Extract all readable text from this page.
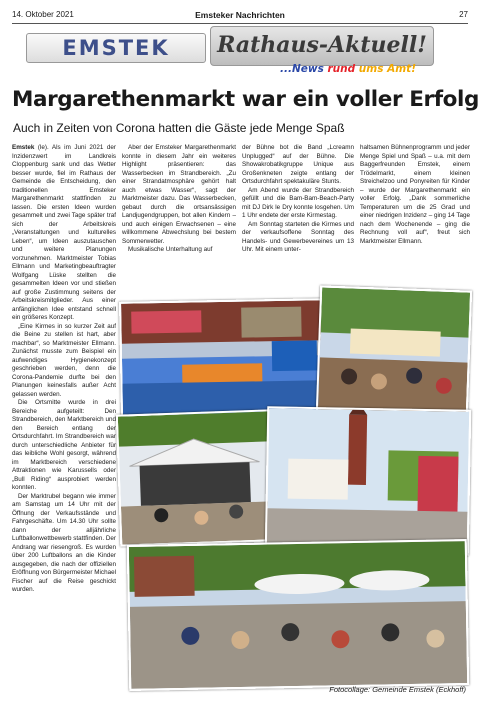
14. Oktober 2021	Emsteker Nachrichten	27
EMSTEK	Rathaus-Aktuell!
...News rund ums Amt!
Margarethenmarkt war ein voller Erfolg
Auch in Zeiten von Corona hatten die Gäste jede Menge Spaß

Emstek (le). Als im Juni 2021 der Inzidenzwert im Landkreis Cloppenburg sank und das Wetter besser wurde, fiel im Rathaus der Gemeinde die Entscheidung, den traditionellen Emsteker Margarethenmarkt stattfinden zu lassen. Die ersten Ideen wurden gesammelt und zwei Tage später traf sich der Arbeitskreis „Veranstaltungen und kulturelles Leben“, um Ideen auszutauschen und weitere Planungen vorzunehmen. Marktmeister Tobias Ellmann und Marketingbeauftragter Wolfgang Lüske stellten die gesammelten Ideen vor und stießen auf große Zustimmung seitens der Arbeitskreismitglieder. Aus einer anfänglichen Idee entstand schnell ein größeres Konzept.

„Eine Kirmes in so kurzer Zeit auf die Beine zu stellen ist hart, aber machbar“, so Marktmeister Ellmann. Zunächst musste zum Beispiel ein aufwendiges Hygienekonzept geschrieben werden, denn die Corona-Pandemie durfte bei den Planungen keinesfalls außer Acht gelassen werden.

Die Ortsmitte wurde in drei Bereiche aufgeteilt: Den Strandbereich, den Marktbereich und den Bereich entlang der Ortsdurchfahrt. Im Strandbereich war durch unterschiedliche Anbieter für das leibliche Wohl gesorgt, während im Marktbereich verschiedene Attraktionen wie Karussells oder „Bull Riding“ ausprobiert werden konnten.

Der Marktrubel begann wie immer am Samstag um 14 Uhr mit der Öffnung der Verkaufsstände und Fahrgeschäfte. Um 14.30 Uhr sollte dann der alljährliche Luftballonwettbewerb stattfinden. Der Andrang war riesengroß. Es wurden über 200 Luftballons an die Kinder ausgegeben, die nach der offiziellen Eröffnung von Bürgermeister Michael Fischer auf die Reise geschickt wurden.

Aber der Emsteker Margarethenmarkt konnte in diesem Jahr ein weiteres Highlight präsentieren: das Wasserbecken im Strandbereich. „Zu einer Strandatmosphäre gehört halt auch etwas Wasser“, sagt der Marktmeister dazu. Das Wasserbecken, gebaut durch die ortsansässigen Landjugendgruppen, bot allen Kindern – und auch einigen Erwachsenen – eine willkommene Abwechslung bei bestem Sommerwetter.

Musikalische Unterhaltung auf

der Bühne bot die Band „Lcreamn Unplugged“ auf der Bühne. Die Showakrobatikgruppe Unique aus Großenkneten zeigte entlang der Ortsdurchfahrt spektakuläre Stunts.

Am Abend wurde der Strandbereich gefüllt und die Bam-Bam-Beach-Party mit DJ Dirk le Dry konnte losgehen. Um 1 Uhr endete der erste Kirmestag.

Am Sonntag starteten die Kirmes und der verkaufsoffene Sonntag des Handels- und Gewerbevereines um 13 Uhr. Mit einem unter-

haltsamen Bühnenprogramm und jeder Menge Spiel und Spaß – u.a. mit dem Baggerfreunden Emstek, einem Trödelmarkt, einem kleinen Streichelzoo und Ponyreiten für Kinder – wurde der Margarethenmarkt ein voller Erfolg. „Dank sommerliche Temperaturen um die 25 Grad und einer niedrigen Inzidenz – ging 14 Tage nach dem Wochenende – ging die Rechnung voll auf“, freut sich Marktmeister Ellmann.

Fotocollage: Gemeinde Emstek (Eckhoff)
